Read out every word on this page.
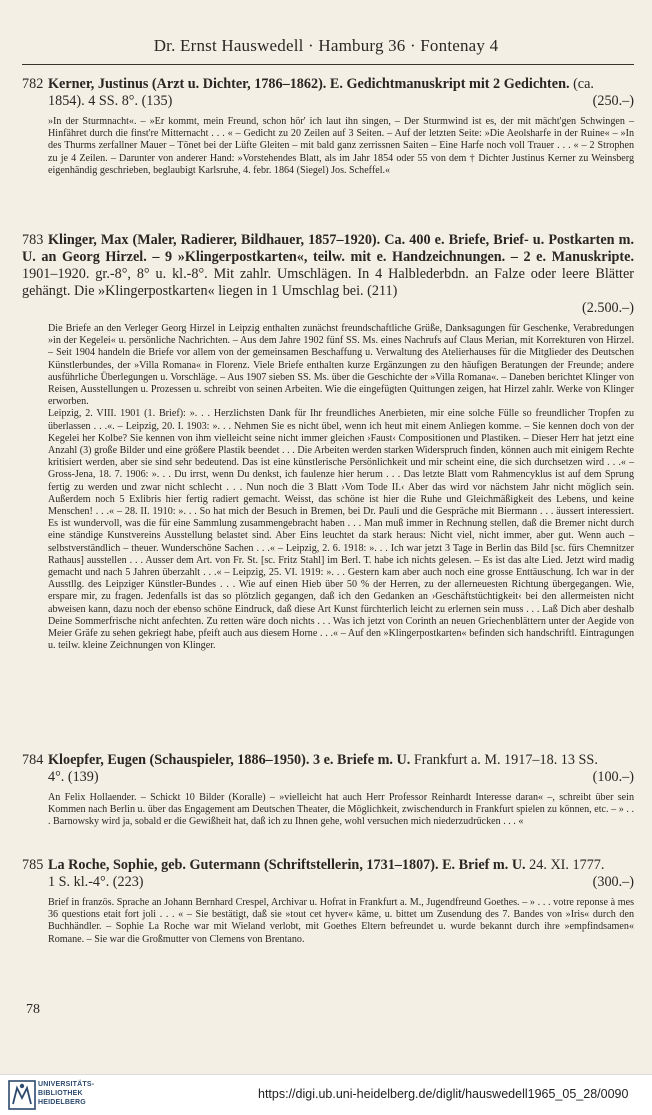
Dr. Ernst Hauswedell · Hamburg 36 · Fontenay 4
782 Kerner, Justinus (Arzt u. Dichter, 1786–1862). E. Gedichtmanuskript mit 2 Gedichten. (ca.
1854). 4 SS. 8°. (135)	(250.–)

»In der Sturmnacht«. – »Er kommt, mein Freund, schon hör' ich laut ihn singen, – Der Sturmwind ist es, der mit mächt'gen Schwingen – Hinfähret durch die finst're Mitternacht . . . « – Gedicht zu 20 Zeilen auf 3 Seiten. – Auf der letzten Seite: »Die Aeolsharfe in der Ruine« – »In des Thurms zerfallner Mauer – Tönet bei der Lüfte Gleiten – mit bald ganz zerrissnen Saiten – Eine Harfe noch voll Trauer . . . « – 2 Strophen zu je 4 Zeilen. – Darunter von anderer Hand: »Vorstehendes Blatt, als im Jahr 1854 oder 55 von dem † Dichter Justinus Kerner zu Weinsberg eigenhändig geschrieben, beglaubigt Karlsruhe, 4. febr. 1864 (Siegel) Jos. Scheffel.«

783 Klinger, Max (Maler, Radierer, Bildhauer, 1857–1920). Ca. 400 e. Briefe, Brief- u. Postkarten m. U. an Georg Hirzel. – 9 »Klingerpostkarten«, teilw. mit e. Handzeichnungen. – 2 e. Manuskripte. 1901–1920. gr.-8°, 8° u. kl.-8°. Mit zahlr. Umschlägen. In 4 Halblederbdn. an Falze oder leere Blätter gehängt. Die »Klingerpostkarten« liegen in 1 Umschlag bei. (211)
(2.500.–)

Die Briefe an den Verleger Georg Hirzel in Leipzig enthalten zunächst freundschaftliche Grüße, Danksagungen für Geschenke, Verabredungen »in der Kegelei« u. persönliche Nachrichten. – Aus dem Jahre 1902 fünf SS. Ms. eines Nachrufs auf Claus Merian, mit Korrekturen von Hirzel. – Seit 1904 handeln die Briefe vor allem von der gemeinsamen Beschaffung u. Verwaltung des Atelierhauses für die Mitglieder des Deutschen Künstlerbundes, der »Villa Romana« in Florenz. Viele Briefe enthalten kurze Ergänzungen zu den häufigen Beratungen der Freunde; andere ausführliche Überlegungen u. Vorschläge. – Aus 1907 sieben SS. Ms. über die Geschichte der »Villa Romana«. – Daneben berichtet Klinger von Reisen, Ausstellungen u. Prozessen u. schreibt von seinen Arbeiten. Wie die eingefügten Quittungen zeigen, hat Hirzel zahlr. Werke von Klinger erworben.

Leipzig, 2. VIII. 1901 (1. Brief): ». . . Herzlichsten Dank für Ihr freundliches Anerbieten, mir eine solche Fülle so freundlicher Tropfen zu überlassen . . .«. – Leipzig, 20. I. 1903: ». . . Nehmen Sie es nicht übel, wenn ich heut mit einem Anliegen komme. – Sie kennen doch von der Kegelei her Kolbe? Sie kennen von ihm vielleicht seine nicht immer gleichen ›Faust‹ Compositionen und Plastiken. – Dieser Herr hat jetzt eine Anzahl (3) große Bilder und eine größere Plastik beendet . . . Die Arbeiten werden starken Widerspruch finden, können auch mit einigem Rechte kritisiert werden, aber sie sind sehr bedeutend. Das ist eine künstlerische Persönlichkeit und mir scheint eine, die sich durchsetzen wird . . .« – Gross-Jena, 18. 7. 1906: ». . . Du irrst, wenn Du denkst, ich faulenze hier herum . . . Das letzte Blatt vom Rahmencyklus ist auf dem Sprung fertig zu werden und zwar nicht schlecht . . . Nun noch die 3 Blatt ›Vom Tode II.‹ Aber das wird vor nächstem Jahr nicht möglich sein. Außerdem noch 5 Exlibris hier fertig radiert gemacht. Weisst, das schöne ist hier die Ruhe und Gleichmäßigkeit des Lebens, und keine Menschen! . . .« – 28. II. 1910: ». . . So hat mich der Besuch in Bremen, bei Dr. Pauli und die Gespräche mit Biermann . . . äussert interessiert. Es ist wundervoll, was die für eine Sammlung zusammengebracht haben . . . Man muß immer in Rechnung stellen, daß die Bremer nicht durch eine ständige Kunstvereins Ausstellung belastet sind. Aber Eins leuchtet da stark heraus: Nicht viel, nicht immer, aber gut. Wenn auch – selbstverständlich – theuer. Wunderschöne Sachen . . .« – Leipzig, 2. 6. 1918: ». . . Ich war jetzt 3 Tage in Berlin das Bild [sc. fürs Chemnitzer Rathaus] ausstellen . . . Ausser dem Art. von Fr. St. [sc. Fritz Stahl] im Berl. T. habe ich nichts gelesen. – Es ist das alte Lied. Jetzt wird madig gemacht und nach 5 Jahren überzahlt . . .« – Leipzig, 25. VI. 1919: ». . . Gestern kam aber auch noch eine grosse Enttäuschung. Ich war in der Ausstllg. des Leipziger Künstler-Bundes . . . Wie auf einen Hieb über 50 % der Herren, zu der allerneuesten Richtung übergegangen. Wie, erspare mir, zu fragen. Jedenfalls ist das so plötzlich gegangen, daß ich den Gedanken an ›Geschäftstüchtigkeit‹ bei den allermeisten nicht abweisen kann, dazu noch der ebenso schöne Eindruck, daß diese Art Kunst fürchterlich leicht zu erlernen sein muss . . . Laß Dich aber deshalb Deine Sommerfrische nicht anfechten. Zu retten wäre doch nichts . . . Was ich jetzt von Corinth an neuen Griechenblättern unter der Aegide von Meier Gräfe zu sehen gekriegt habe, pfeift auch aus diesem Horne . . .« – Auf den »Klingerpostkarten« befinden sich handschriftl. Eintragungen u. teilw. kleine Zeichnungen von Klinger.

784 Kloepfer, Eugen (Schauspieler, 1886–1950). 3 e. Briefe m. U. Frankfurt a. M. 1917–18. 13 SS.
4°. (139)	(100.–)

An Felix Hollaender. – Schickt 10 Bilder (Koralle) – »vielleicht hat auch Herr Professor Reinhardt Interesse daran« –, schreibt über sein Kommen nach Berlin u. über das Engagement am Deutschen Theater, die Möglichkeit, zwischendurch in Frankfurt spielen zu können, etc. – » . . . Barnowsky wird ja, sobald er die Gewißheit hat, daß ich zu Ihnen gehe, wohl versuchen mich niederzudrücken . . . «

785 La Roche, Sophie, geb. Gutermann (Schriftstellerin, 1731–1807). E. Brief m. U. 24. XI. 1777.
1 S. kl.-4°. (223)	(300.–)

Brief in französ. Sprache an Johann Bernhard Crespel, Archivar u. Hofrat in Frankfurt a. M., Jugendfreund Goethes. – » . . . votre reponse à mes 36 questions etait fort joli . . . « – Sie bestätigt, daß sie »tout cet hyver« käme, u. bittet um Zusendung des 7. Bandes von »Iris« durch den Buchhändler. – Sophie La Roche war mit Wieland verlobt, mit Goethes Eltern befreundet u. wurde bekannt durch ihre »empfindsamen« Romane. – Sie war die Großmutter von Clemens von Brentano.

78
UNIVERSITÄTS-
BIBLIOTHEK
HEIDELBERG
https://digi.ub.uni-heidelberg.de/diglit/hauswedell1965_05_28/0090
